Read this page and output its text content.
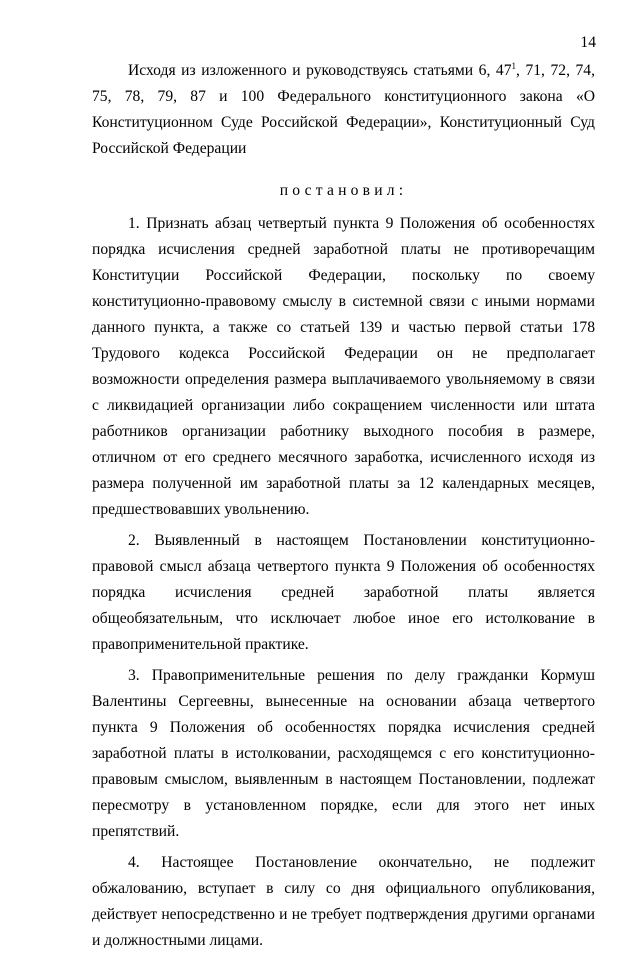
14

Исходя из изложенного и руководствуясь статьями 6, $47^1$, 71, 72, 74, 75, 78, 79, 87 и 100 Федерального конституционного закона «О Конституционном Суде Российской Федерации», Конституционный Суд Российской Федерации

постановил:

1. Признать абзац четвертый пункта 9 Положения об особенностях порядка исчисления средней заработной платы не противоречащим Конституции Российской Федерации, поскольку по своему конституционно-правовому смыслу в системной связи с иными нормами данного пункта, а также со статьей 139 и частью первой статьи 178 Трудового кодекса Российской Федерации он не предполагает возможности определения размера выплачиваемого увольняемому в связи с ликвидацией организации либо сокращением численности или штата работников организации работнику выходного пособия в размере, отличном от его среднего месячного заработка, исчисленного исходя из размера полученной им заработной платы за 12 календарных месяцев, предшествовавших увольнению.

2. Выявленный в настоящем Постановлении конституционно-правовой смысл абзаца четвертого пункта 9 Положения об особенностях порядка исчисления средней заработной платы является общеобязательным, что исключает любое иное его истолкование в правоприменительной практике.

3. Правоприменительные решения по делу гражданки Кормуш Валентины Сергеевны, вынесенные на основании абзаца четвертого пункта 9 Положения об особенностях порядка исчисления средней заработной платы в истолковании, расходящемся с его конституционно-правовым смыслом, выявленным в настоящем Постановлении, подлежат пересмотру в установленном порядке, если для этого нет иных препятствий.

4. Настоящее Постановление окончательно, не подлежит обжалованию, вступает в силу со дня официального опубликования, действует непосредственно и не требует подтверждения другими органами и должностными лицами.
